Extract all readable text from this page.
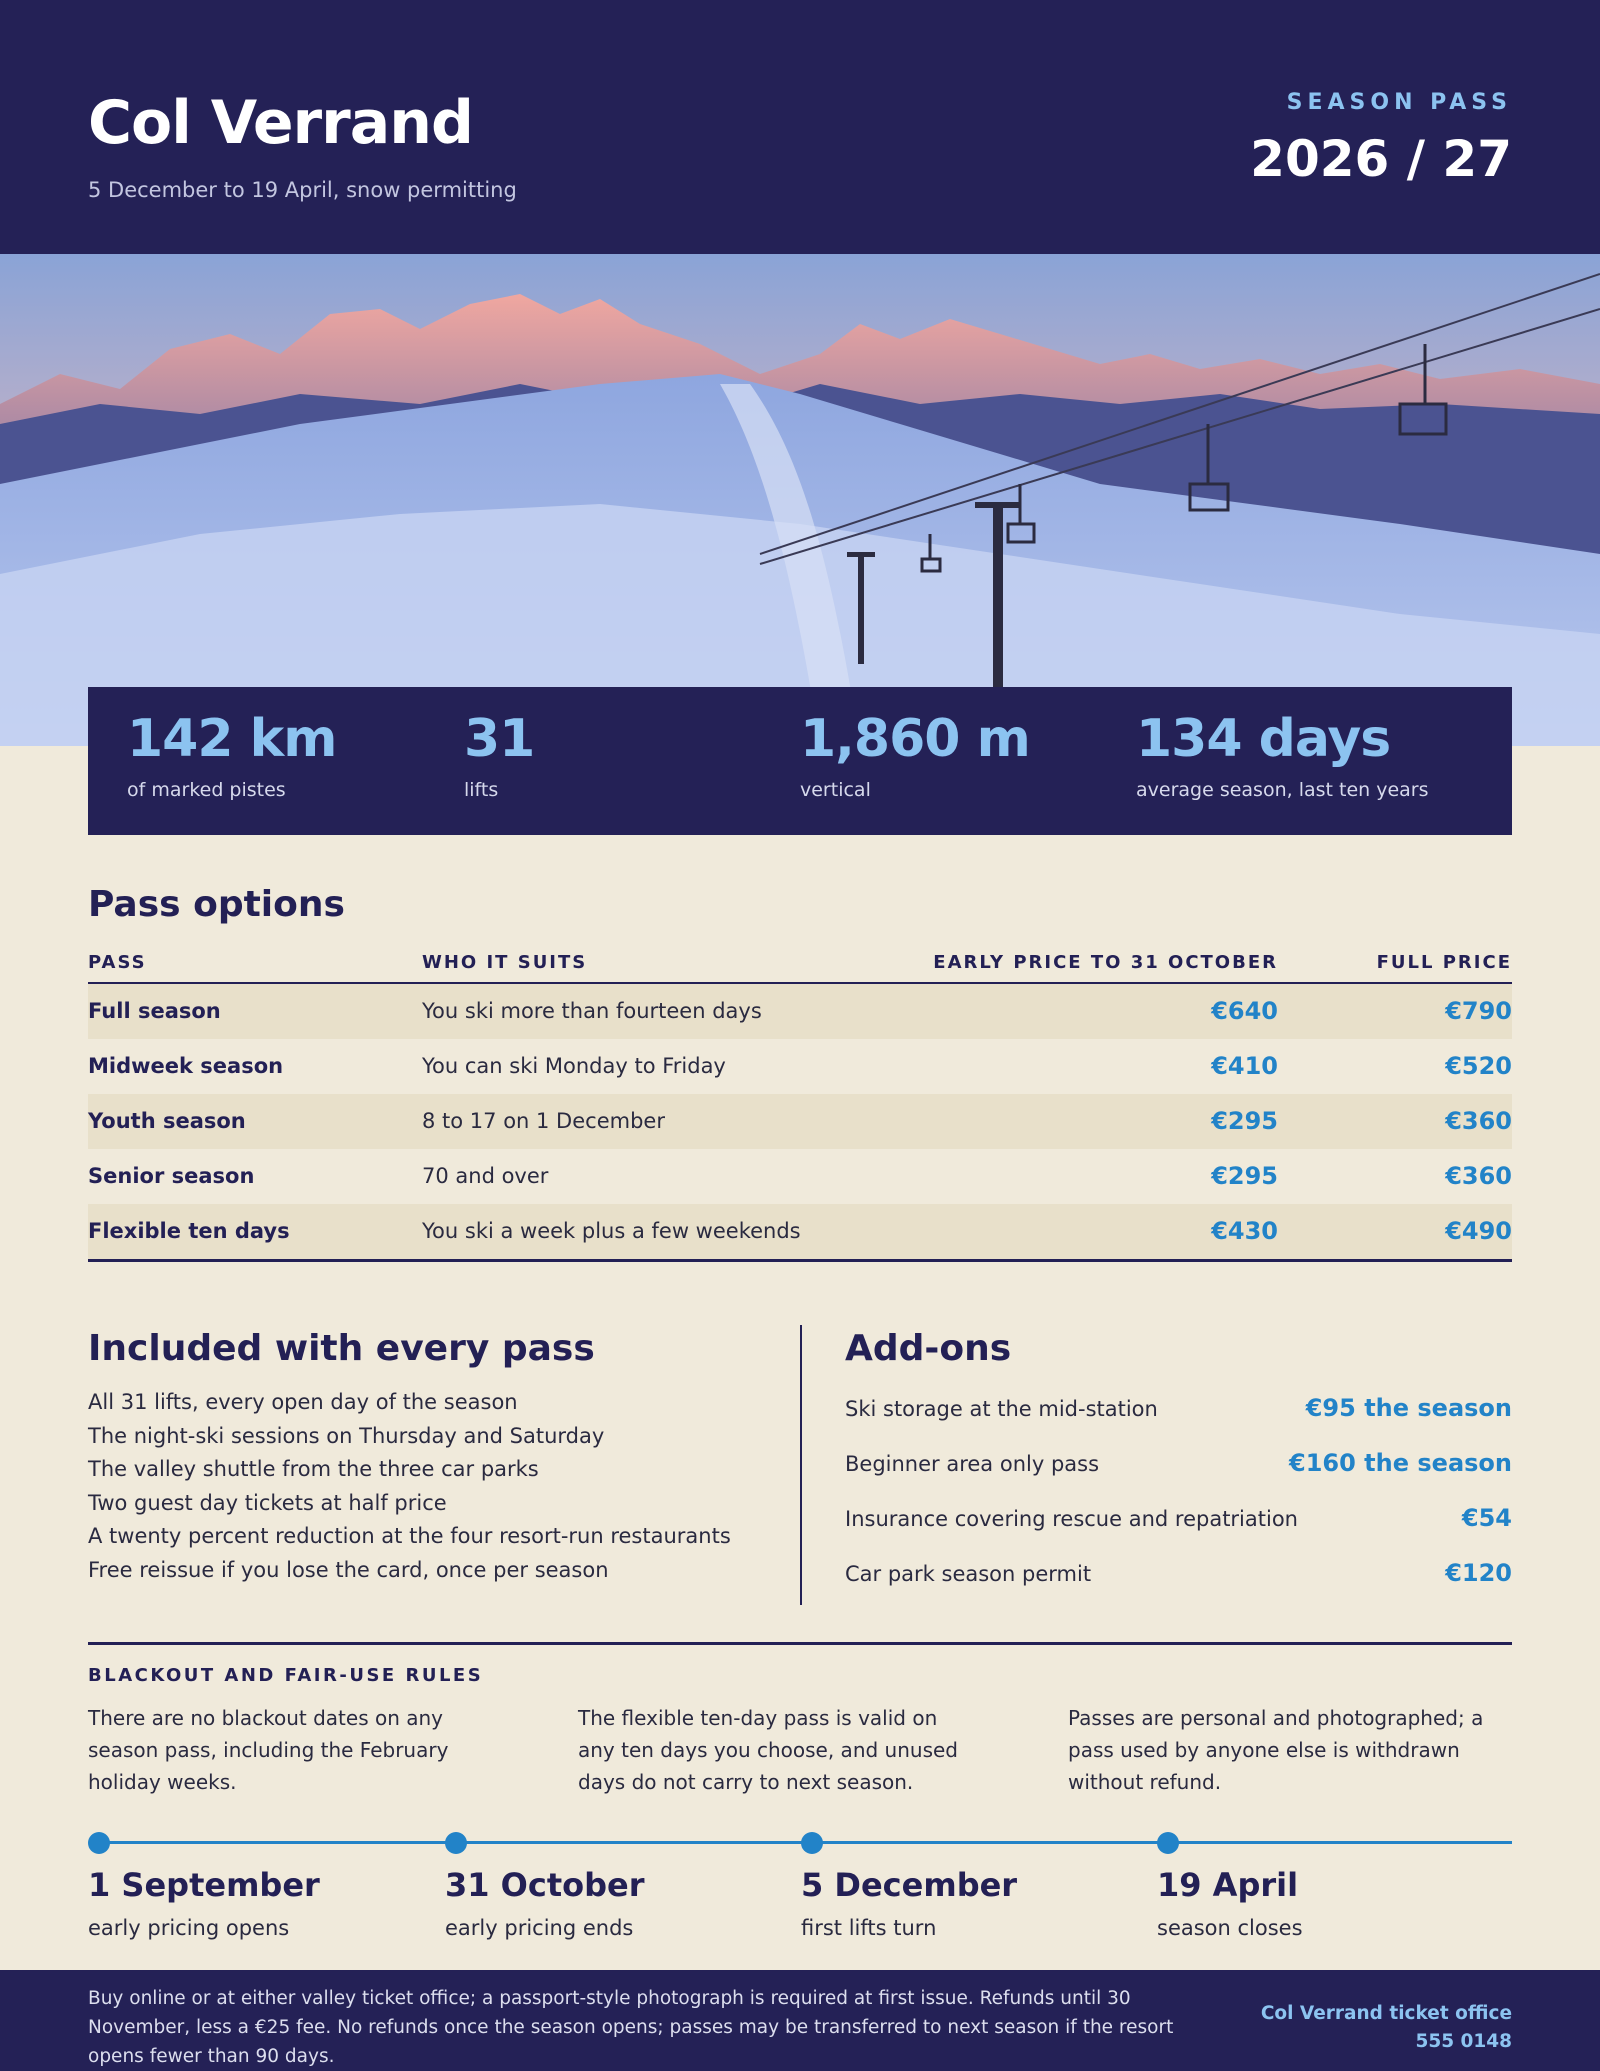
Col Verrand
5 December to 19 April, snow permitting
SEASON PASS
2026 / 27
142 km
of marked pistes
31
lifts
1,860 m
vertical
134 days
average season, last ten years
Pass options
PASS	WHO IT SUITS	EARLY PRICE TO 31 OCTOBER	FULL PRICE
Full season	You ski more than fourteen days	€640	€790
Midweek season	You can ski Monday to Friday	€410	€520
Youth season	8 to 17 on 1 December	€295	€360
Senior season	70 and over	€295	€360
Flexible ten days	You ski a week plus a few weekends	€430	€490
Included with every pass
All 31 lifts, every open day of the season
The night-ski sessions on Thursday and Saturday
The valley shuttle from the three car parks
Two guest day tickets at half price
A twenty percent reduction at the four resort-run restaurants
Free reissue if you lose the card, once per season
Add-ons
Ski storage at the mid-station	€95 the season
Beginner area only pass	€160 the season
Insurance covering rescue and repatriation	€54
Car park season permit	€120
BLACKOUT AND FAIR-USE RULES
There are no blackout dates on any season pass, including the February holiday weeks.
The flexible ten-day pass is valid on any ten days you choose, and unused days do not carry to next season.
Passes are personal and photographed; a pass used by anyone else is withdrawn without refund.
1 September
early pricing opens
31 October
early pricing ends
5 December
first lifts turn
19 April
season closes
Buy online or at either valley ticket office; a passport-style photograph is required at first issue. Refunds until 30 November, less a €25 fee. No refunds once the season opens; passes may be transferred to next season if the resort opens fewer than 90 days.
Col Verrand ticket office
555 0148
